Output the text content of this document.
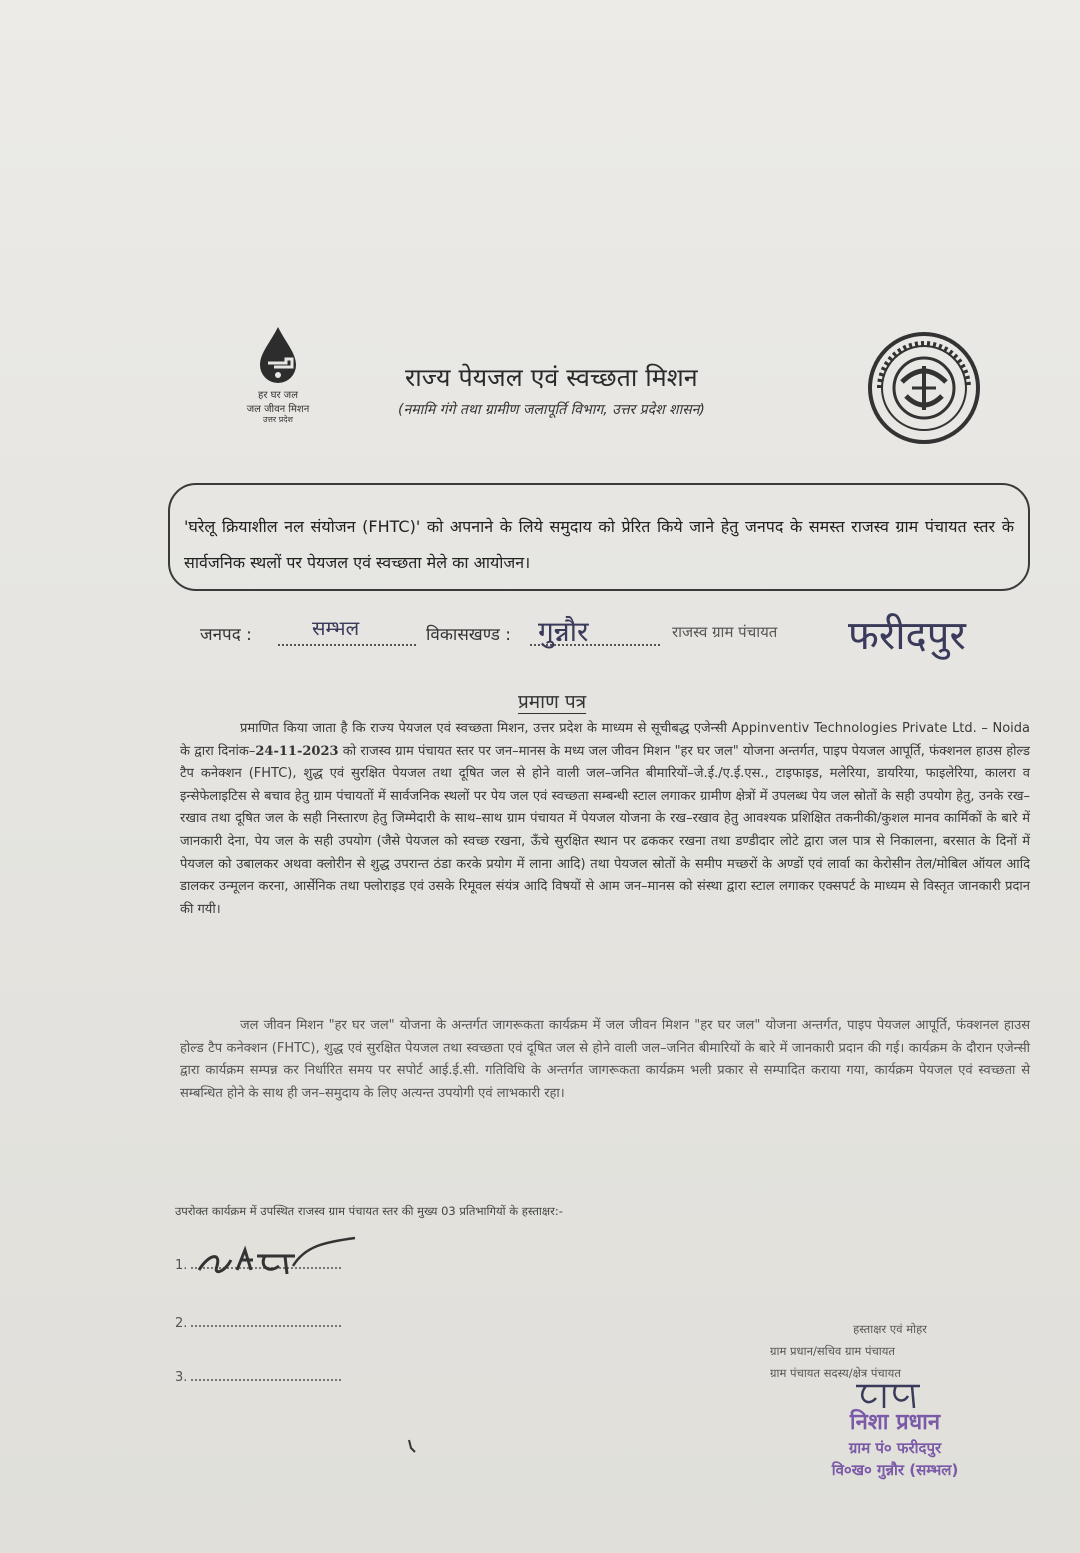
हर घर जल
जल जीवन मिशन
उत्तर प्रदेश
राज्य पेयजल एवं स्वच्छता मिशन
(नमामि गंगे तथा ग्रामीण जलापूर्ति विभाग, उत्तर प्रदेश शासन)
'घरेलू क्रियाशील नल संयोजन (FHTC)' को अपनाने के लिये समुदाय को प्रेरित किये जाने हेतु जनपद के समस्त राजस्व ग्राम पंचायत स्तर के सार्वजनिक स्थलों पर पेयजल एवं स्वच्छता मेले का आयोजन।
जनपद :	सम्भल	विकासखण्ड : गुन्नौर	राजस्व ग्राम पंचायत फरीदपुर
प्रमाण पत्र
प्रमाणित किया जाता है कि राज्य पेयजल एवं स्वच्छता मिशन, उत्तर प्रदेश के माध्यम से सूचीबद्ध एजेन्सी Appinventiv Technologies Private Ltd. – Noida के द्वारा दिनांक–24-11-2023 को राजस्व ग्राम पंचायत स्तर पर जन–मानस के मध्य जल जीवन मिशन "हर घर जल" योजना अन्तर्गत, पाइप पेयजल आपूर्ति, फंक्शनल हाउस होल्ड टैप कनेक्शन (FHTC), शुद्ध एवं सुरक्षित पेयजल तथा दूषित जल से होने वाली जल–जनित बीमारियों–जे.ई./ए.ई.एस., टाइफाइड, मलेरिया, डायरिया, फाइलेरिया, कालरा व इन्सेफेलाइटिस से बचाव हेतु ग्राम पंचायतों में सार्वजनिक स्थलों पर पेय जल एवं स्वच्छता सम्बन्धी स्टाल लगाकर ग्रामीण क्षेत्रों में उपलब्ध पेय जल स्रोतों के सही उपयोग हेतु, उनके रख–रखाव तथा दूषित जल के सही निस्तारण हेतु जिम्मेदारी के साथ–साथ ग्राम पंचायत में पेयजल योजना के रख–रखाव हेतु आवश्यक प्रशिक्षित तकनीकी/कुशल मानव कार्मिकों के बारे में जानकारी देना, पेय जल के सही उपयोग (जैसे पेयजल को स्वच्छ रखना, ऊँचे सुरक्षित स्थान पर ढककर रखना तथा डण्डीदार लोटे द्वारा जल पात्र से निकालना, बरसात के दिनों में पेयजल को उबालकर अथवा क्लोरीन से शुद्ध उपरान्त ठंडा करके प्रयोग में लाना आदि) तथा पेयजल स्रोतों के समीप मच्छरों के अण्डों एवं लार्वा का केरोसीन तेल/मोबिल ऑयल आदि डालकर उन्मूलन करना, आर्सेनिक तथा फ्लोराइड एवं उसके रिमूवल संयंत्र आदि विषयों से आम जन–मानस को संस्था द्वारा स्टाल लगाकर एक्सपर्ट के माध्यम से विस्तृत जानकारी प्रदान की गयी।
जल जीवन मिशन "हर घर जल" योजना के अन्तर्गत जागरूकता कार्यक्रम में जल जीवन मिशन "हर घर जल" योजना अन्तर्गत, पाइप पेयजल आपूर्ति, फंक्शनल हाउस होल्ड टैप कनेक्शन (FHTC), शुद्ध एवं सुरक्षित पेयजल तथा स्वच्छता एवं दूषित जल से होने वाली जल–जनित बीमारियों के बारे में जानकारी प्रदान की गई। कार्यक्रम के दौरान एजेन्सी द्वारा कार्यक्रम सम्पन्न कर निर्धारित समय पर सपोर्ट आई.ई.सी. गतिविधि के अन्तर्गत जागरूकता कार्यक्रम भली प्रकार से सम्पादित कराया गया, कार्यक्रम पेयजल एवं स्वच्छता से सम्बन्धित होने के साथ ही जन–समुदाय के लिए अत्यन्त उपयोगी एवं लाभकारी रहा।
उपरोक्त कार्यक्रम में उपस्थित राजस्व ग्राम पंचायत स्तर की मुख्य 03 प्रतिभागियों के हस्ताक्षर:-
1.
2.
3.
हस्ताक्षर एवं मोहर
ग्राम प्रधान/सचिव ग्राम पंचायत
ग्राम पंचायत सदस्य/क्षेत्र पंचायत
निशा प्रधान
ग्राम पं० फरीदपुर
वि०ख० गुन्नौर (सम्भल)
